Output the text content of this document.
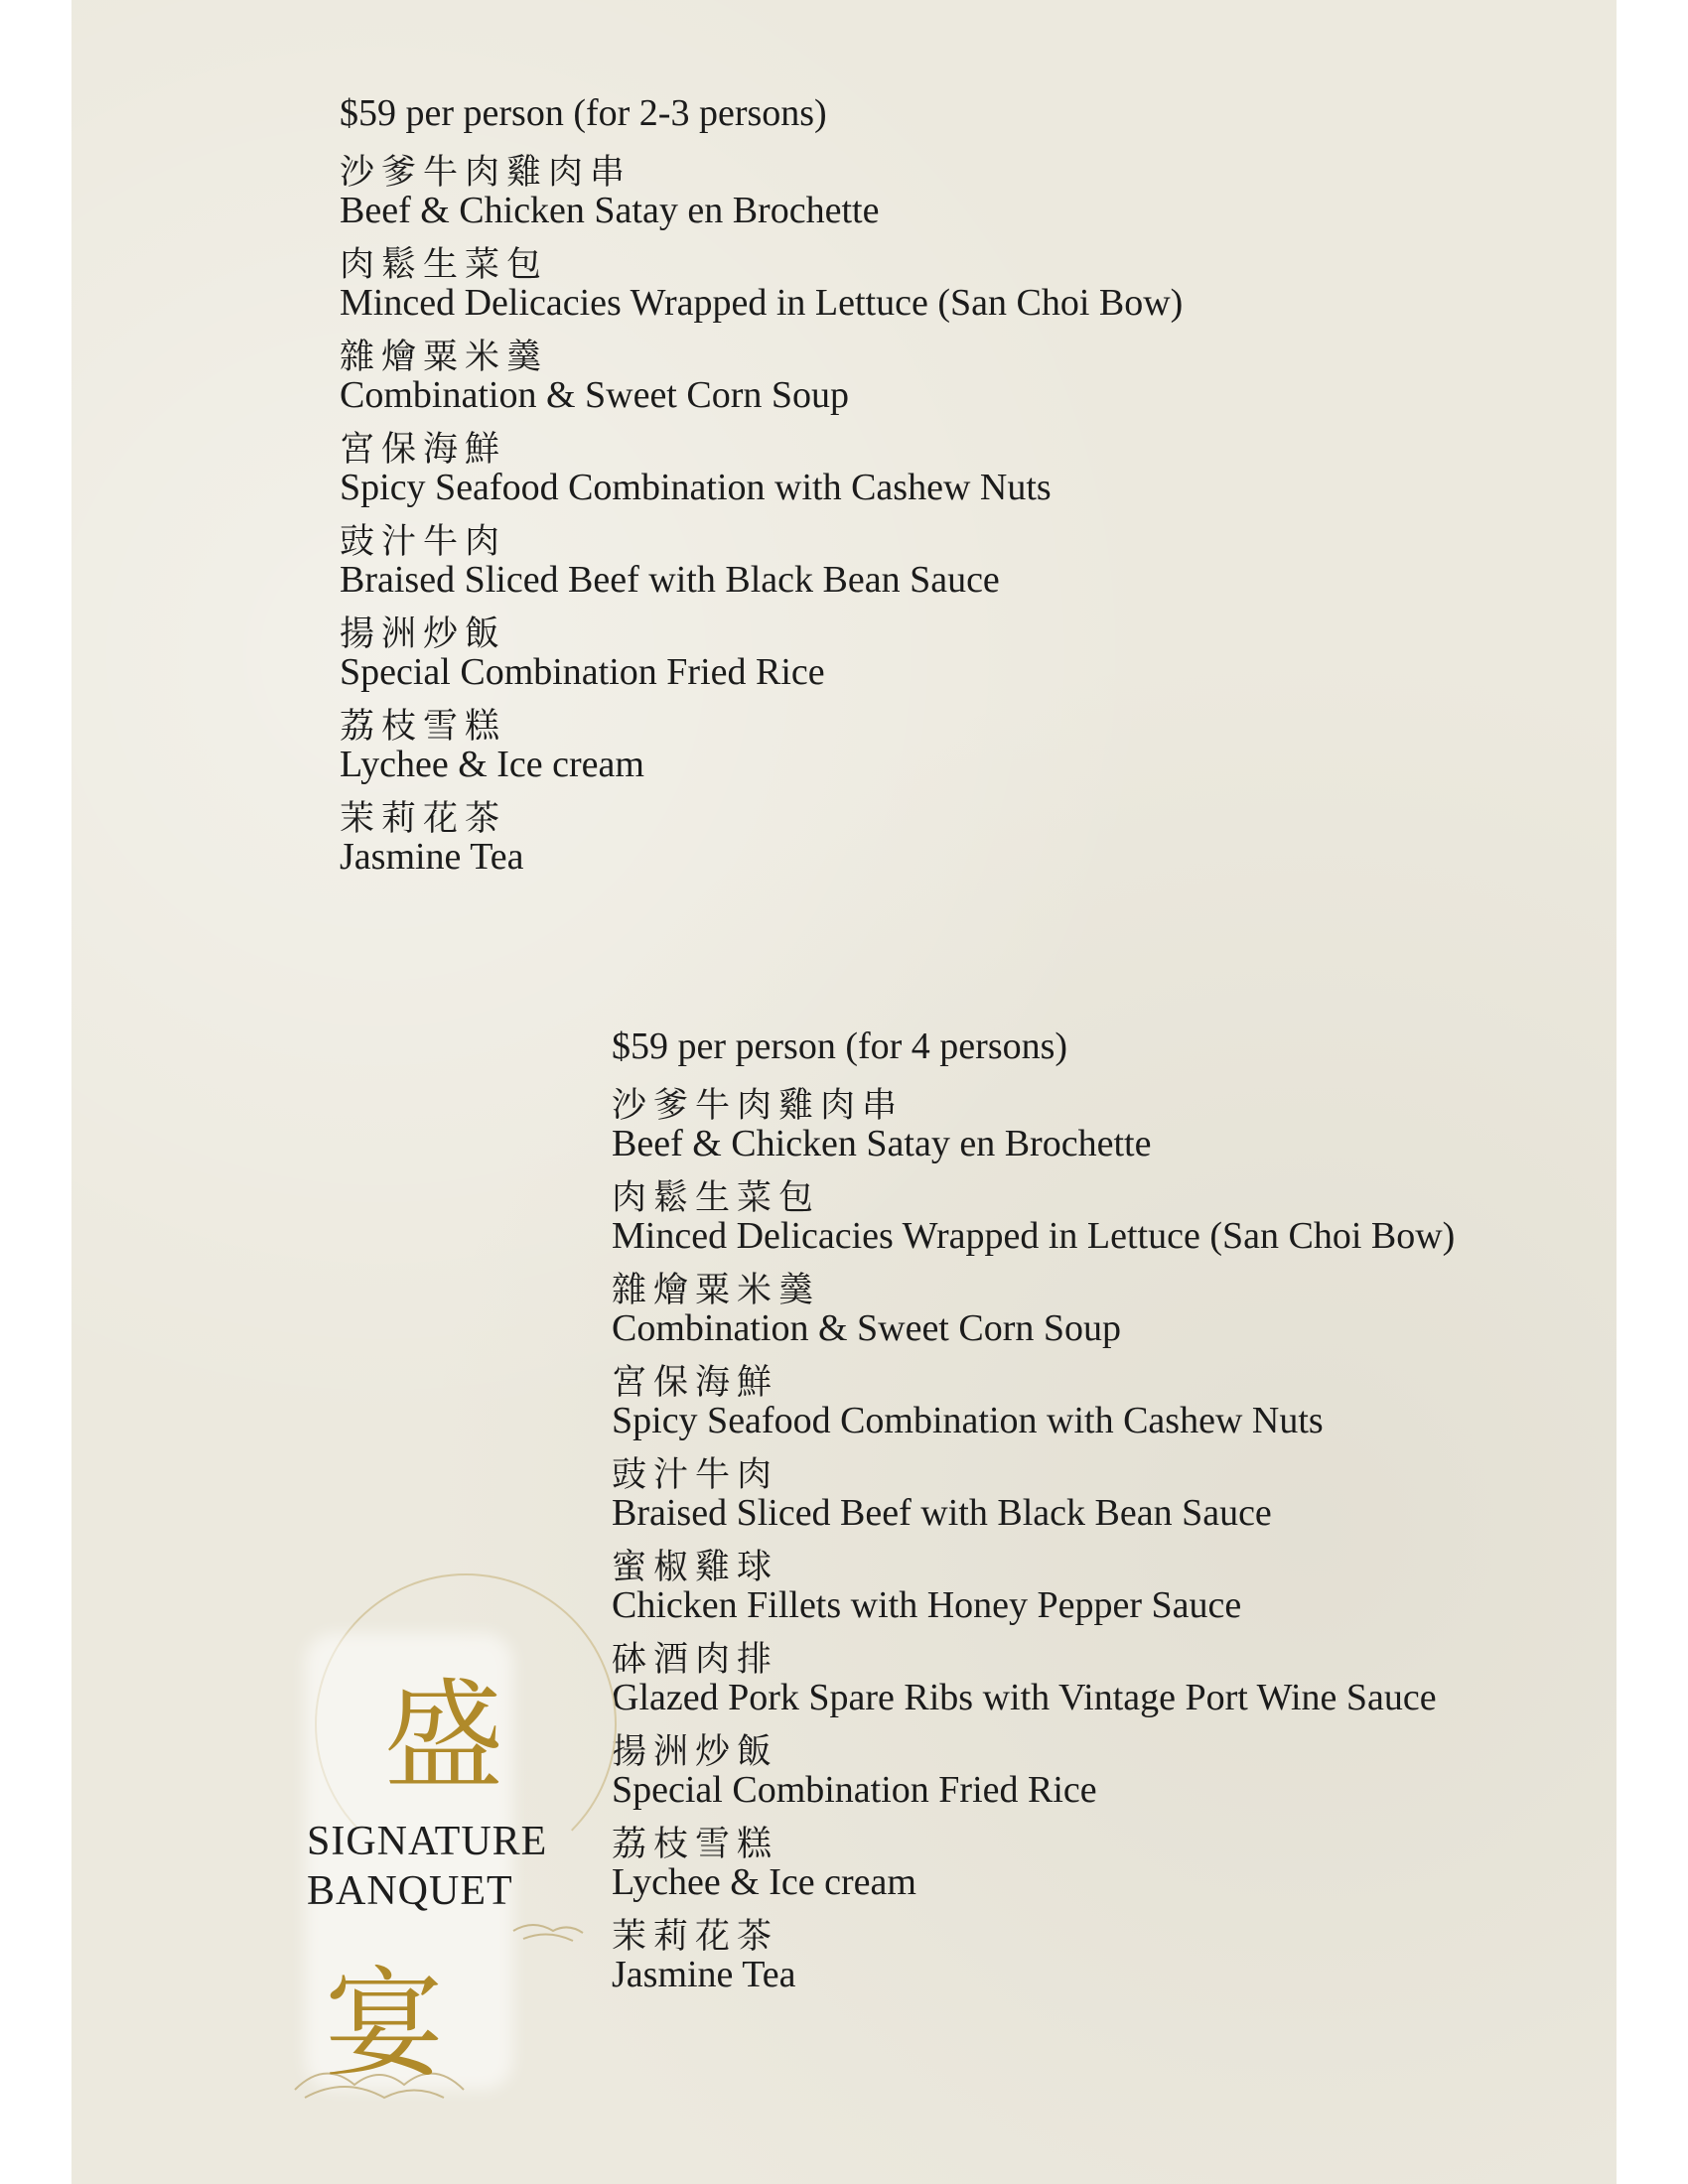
$59 per person (for 2-3 persons)
沙爹牛肉雞肉串
Beef & Chicken Satay en Brochette
肉鬆生菜包
Minced Delicacies Wrapped in Lettuce (San Choi Bow)
雜燴粟米羹
Combination & Sweet Corn Soup
宮保海鮮
Spicy Seafood Combination with Cashew Nuts
豉汁牛肉
Braised Sliced Beef with Black Bean Sauce
揚洲炒飯
Special Combination Fried Rice
荔枝雪糕
Lychee & Ice cream
茉莉花茶
Jasmine Tea
$59 per person (for 4 persons)
沙爹牛肉雞肉串
Beef & Chicken Satay en Brochette
肉鬆生菜包
Minced Delicacies Wrapped in Lettuce (San Choi Bow)
雜燴粟米羹
Combination & Sweet Corn Soup
宮保海鮮
Spicy Seafood Combination with Cashew Nuts
豉汁牛肉
Braised Sliced Beef with Black Bean Sauce
蜜椒雞球
Chicken Fillets with Honey Pepper Sauce
砵酒肉排
Glazed Pork Spare Ribs with Vintage Port Wine Sauce
揚洲炒飯
Special Combination Fried Rice
荔枝雪糕
Lychee & Ice cream
茉莉花茶
Jasmine Tea
盛
SIGNATURE
BANQUET
宴
